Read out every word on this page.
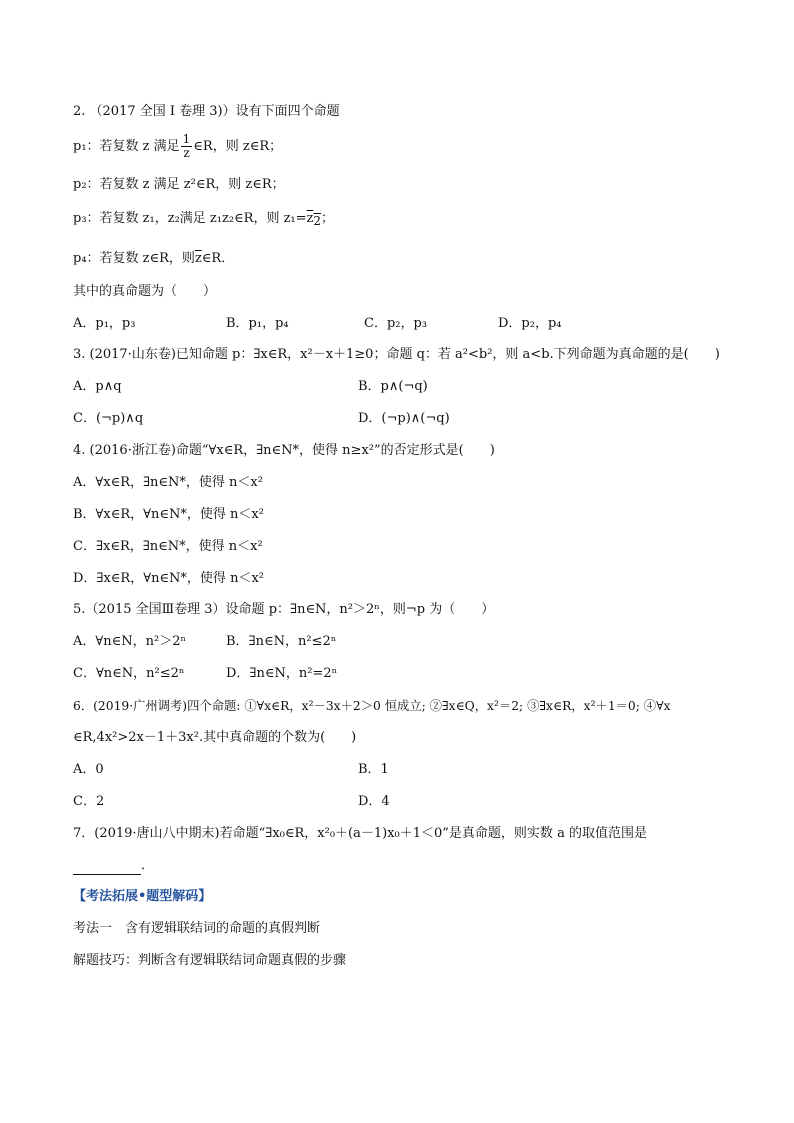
2. （2017 全国 I 卷理 3)）设有下面四个命题
p₁：若复数 z 满足 $\frac{1}{z}$ ∈R，则 z∈R；
p₂：若复数 z 满足 z²∈R，则 z∈R；
p₃：若复数 z₁，z₂满足 z₁z₂∈R，则 $z_1=\overline{z}2$；
p₄：若复数 z∈R，则$\overline{z}\in R$．
其中的真命题为（　　）
A．p₁，p₃	B．p₁，p₄	C．p₂，p₃	D．p₂，p₄
3. (2017·山东卷)已知命题 p：∃x∈R，x²－x＋1≥0；命题 q：若 a²<b²，则 a<b.下列命题为真命题的是(　　)
A．p∧q	B．p∧(¬q)
C．(¬p)∧q	D．(¬p)∧(¬q)
4. (2016·浙江卷)命题“∀x∈R，∃n∈N*，使得 n≥x²”的否定形式是(　　)
A．∀x∈R，∃n∈N*，使得 n＜x²
B．∀x∈R，∀n∈N*，使得 n＜x²
C．∃x∈R，∃n∈N*，使得 n＜x²
D．∃x∈R，∀n∈N*，使得 n＜x²
5.（2015 全国Ⅲ卷理 3）设命题 p：∃n∈N，n²＞2ⁿ，则¬p 为（　　）
A．∀n∈N，n²＞2ⁿ	B．∃n∈N，n²≤2ⁿ
C．∀n∈N，n²≤2ⁿ	D．∃n∈N，n²=2ⁿ
6．(2019·广州调考)四个命题: ①∀x∈R，x²－3x＋2＞0 恒成立; ②∃x∈Q，x²＝2; ③∃x∈R，x²＋1＝0; ④∀x
∈R,4x²>2x－1＋3x².其中真命题的个数为(　　)
A．0	B．1
C．2	D．4
7．(2019·唐山八中期末)若命题“∃x₀∈R，x²₀＋(a－1)x₀＋1＜0”是真命题，则实数 a 的取值范围是
．
【考法拓展•题型解码】
考法一　含有逻辑联结词的命题的真假判断
解题技巧：判断含有逻辑联结词命题真假的步骤
